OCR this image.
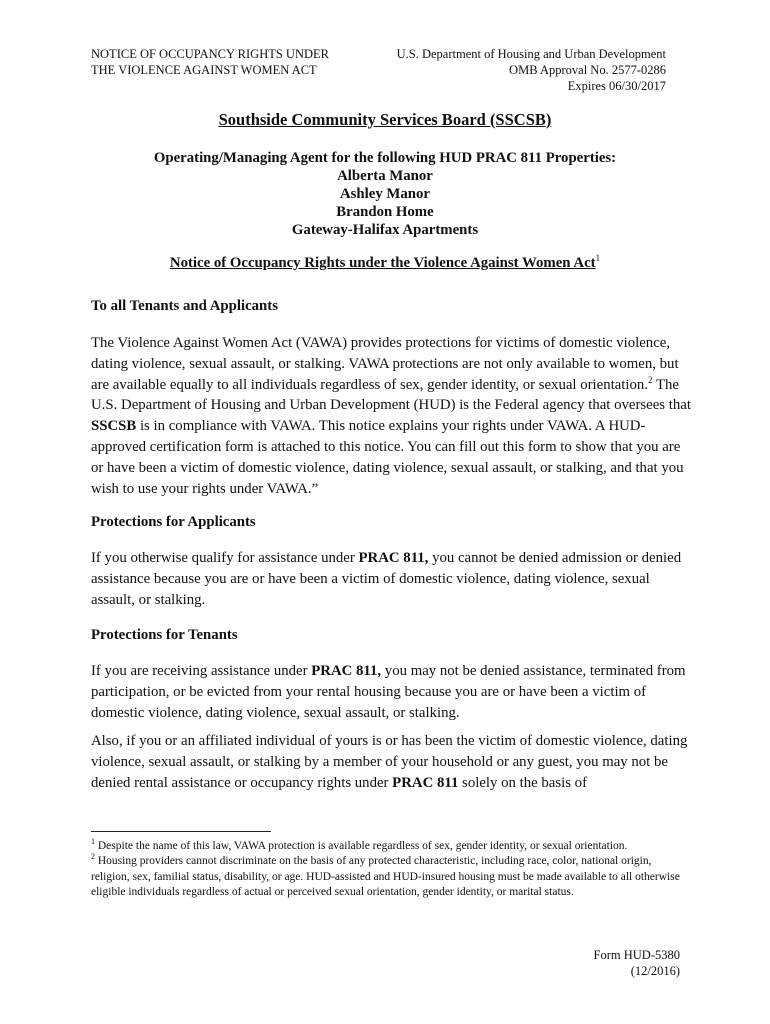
NOTICE OF OCCUPANCY RIGHTS UNDER
THE VIOLENCE AGAINST WOMEN ACT
U.S. Department of Housing and Urban Development
OMB Approval No. 2577-0286
Expires 06/30/2017
Southside Community Services Board (SSCSB)
Operating/Managing Agent for the following HUD PRAC 811 Properties:
Alberta Manor
Ashley Manor
Brandon Home
Gateway-Halifax Apartments
Notice of Occupancy Rights under the Violence Against Women Act$^1$
To all Tenants and Applicants
The Violence Against Women Act (VAWA) provides protections for victims of domestic violence, dating violence, sexual assault, or stalking. VAWA protections are not only available to women, but are available equally to all individuals regardless of sex, gender identity, or sexual orientation.$^2$ The U.S. Department of Housing and Urban Development (HUD) is the Federal agency that oversees that SSCSB is in compliance with VAWA. This notice explains your rights under VAWA. A HUD-approved certification form is attached to this notice. You can fill out this form to show that you are or have been a victim of domestic violence, dating violence, sexual assault, or stalking, and that you wish to use your rights under VAWA.”
Protections for Applicants
If you otherwise qualify for assistance under PRAC 811, you cannot be denied admission or denied assistance because you are or have been a victim of domestic violence, dating violence, sexual assault, or stalking.
Protections for Tenants
If you are receiving assistance under PRAC 811, you may not be denied assistance, terminated from participation, or be evicted from your rental housing because you are or have been a victim of domestic violence, dating violence, sexual assault, or stalking.
Also, if you or an affiliated individual of yours is or has been the victim of domestic violence, dating violence, sexual assault, or stalking by a member of your household or any guest, you may not be denied rental assistance or occupancy rights under PRAC 811 solely on the basis of
$^1$ Despite the name of this law, VAWA protection is available regardless of sex, gender identity, or sexual orientation.
$^2$ Housing providers cannot discriminate on the basis of any protected characteristic, including race, color, national origin, religion, sex, familial status, disability, or age. HUD-assisted and HUD-insured housing must be made available to all otherwise eligible individuals regardless of actual or perceived sexual orientation, gender identity, or marital status.
Form HUD-5380
(12/2016)
